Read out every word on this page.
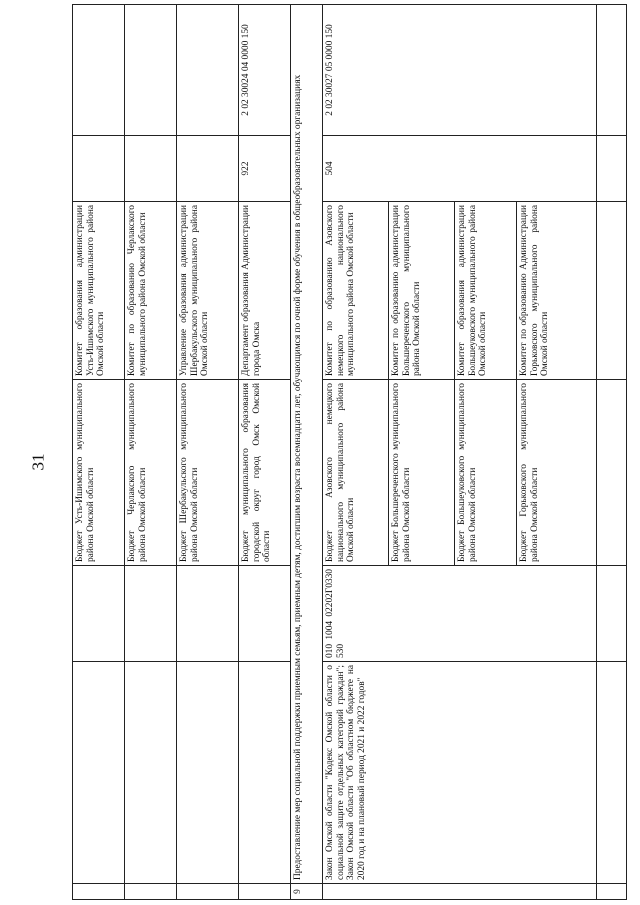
31
				Бюджет Усть-Ишимского муниципального района Омской области	Комитет образования администрации Усть-Ишимского муниципального района Омской области		
			Бюджет Черлакского муниципального района Омской области	Комитет по образованию Черлакского муниципального района Омской области		
			Бюджет Шербакульского муниципального района Омской области	Управление образования администрации Шербакульского муниципального района Омской области		
			Бюджет муниципального образования городской округ город Омск Омской области	Департамент образования Администрации города Омска	922	2 02 30024 04 0000 150
9	Предоставление мер социальной поддержки приемным семьям, приемным детям, достигшим возраста восемнадцати лет, обучающимся по очной форме обучения в общеобразовательных организациях					
	Закон Омской области "Кодекс Омской области о социальной защите отдельных категорий граждан"; Закон Омской области "Об областном бюджете на 2020 год и на плановый период 2021 и 2022 годов"	010 1004 02202Г0330 530	Бюджет Азовского немецкого национального муниципального района Омской области	Комитет по образованию Азовского немецкого национального муниципального района Омской области	504	2 02 30027 05 0000 150
			Бюджет Большереченского муниципального района Омской области	Комитет по образованию администрации Большереченского муниципального района Омской области		
			Бюджет Большеуковского муниципального района Омской области	Комитет образования администрации Большеуковского муниципального района Омской области		
			Бюджет Горьковского муниципального района Омской области	Комитет по образованию Администрации Горьковского муниципального района Омской области		
